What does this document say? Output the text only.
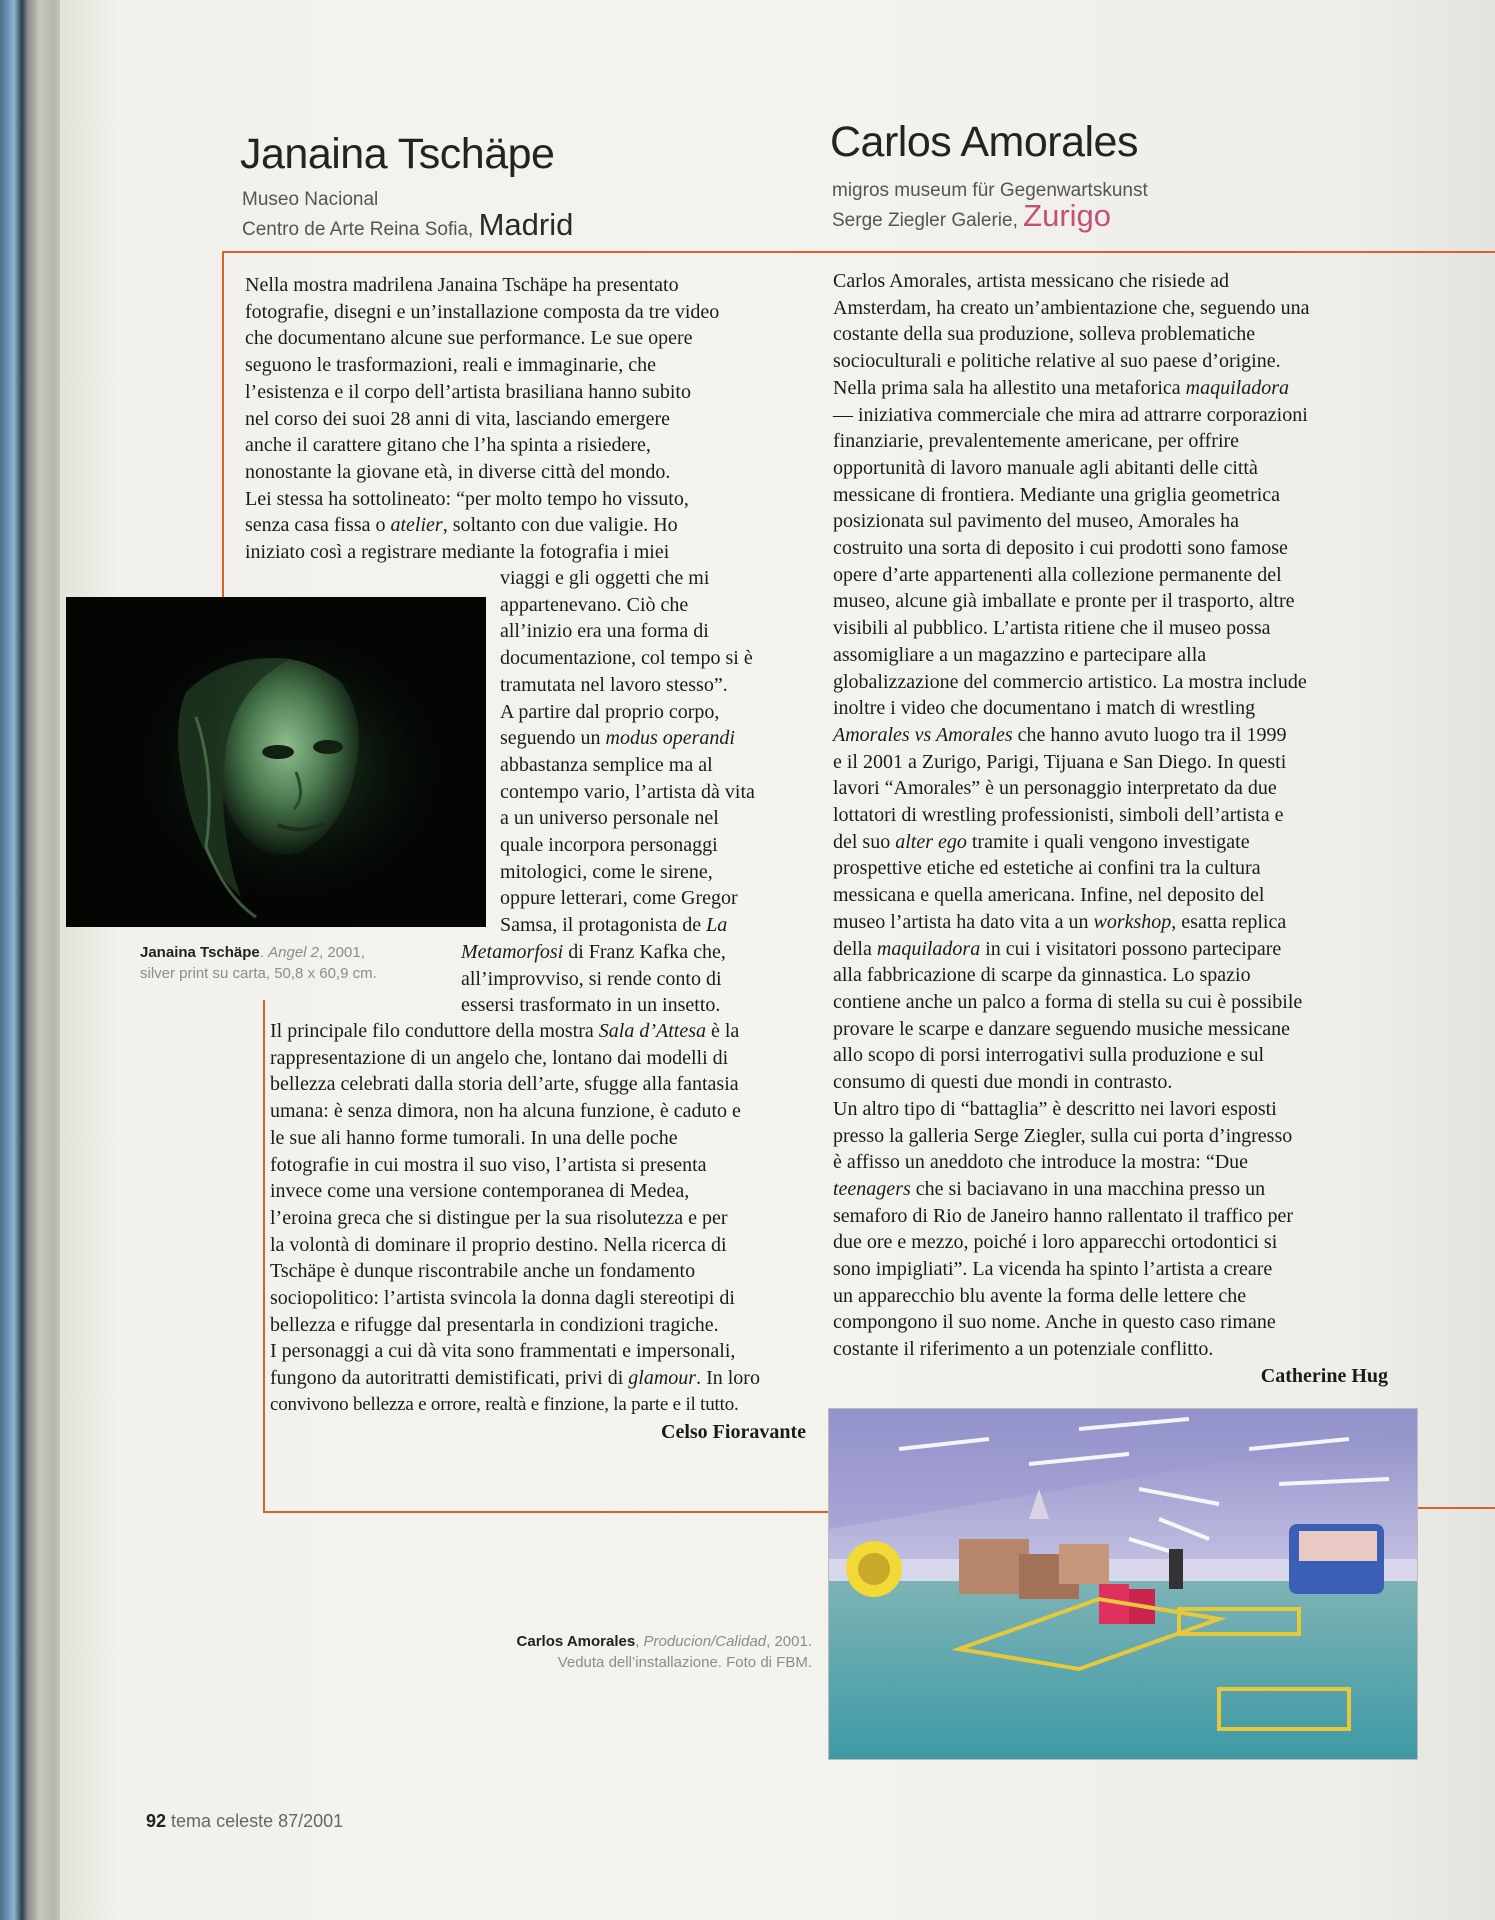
Janaina Tschäpe
Museo Nacional
Centro de Arte Reina Sofia, Madrid
Carlos Amorales
migros museum für Gegenwartskunst
Serge Ziegler Galerie, Zurigo

Nella mostra madrilena Janaina Tschäpe ha presentato

fotografie, disegni e un’installazione composta da tre video

che documentano alcune sue performance. Le sue opere

seguono le trasformazioni, reali e immaginarie, che

l’esistenza e il corpo dell’artista brasiliana hanno subito

nel corso dei suoi 28 anni di vita, lasciando emergere

anche il carattere gitano che l’ha spinta a risiedere,

nonostante la giovane età, in diverse città del mondo.

Lei stessa ha sottolineato: “per molto tempo ho vissuto,

senza casa fissa o atelier, soltanto con due valigie. Ho

iniziato così a registrare mediante la fotografia i miei

viaggi e gli oggetti che mi

appartenevano. Ciò che

all’inizio era una forma di

documentazione, col tempo si è

tramutata nel lavoro stesso”.

A partire dal proprio corpo,

seguendo un modus operandi

abbastanza semplice ma al

contempo vario, l’artista dà vita

a un universo personale nel

quale incorpora personaggi

mitologici, come le sirene,

oppure letterari, come Gregor

Samsa, il protagonista de La

Metamorfosi di Franz Kafka che,

all’improvviso, si rende conto di

essersi trasformato in un insetto.

Janaina Tschäpe. Angel 2, 2001,
silver print su carta, 50,8 x 60,9 cm.

Il principale filo conduttore della mostra Sala d’Attesa è la

rappresentazione di un angelo che, lontano dai modelli di

bellezza celebrati dalla storia dell’arte, sfugge alla fantasia

umana: è senza dimora, non ha alcuna funzione, è caduto e

le sue ali hanno forme tumorali. In una delle poche

fotografie in cui mostra il suo viso, l’artista si presenta

invece come una versione contemporanea di Medea,

l’eroina greca che si distingue per la sua risolutezza e per

la volontà di dominare il proprio destino. Nella ricerca di

Tschäpe è dunque riscontrabile anche un fondamento

sociopolitico: l’artista svincola la donna dagli stereotipi di

bellezza e rifugge dal presentarla in condizioni tragiche.

I personaggi a cui dà vita sono frammentati e impersonali,

fungono da autoritratti demistificati, privi di glamour. In loro

convivono bellezza e orrore, realtà e finzione, la parte e il tutto.

Celso Fioravante

Carlos Amorales, artista messicano che risiede ad

Amsterdam, ha creato un’ambientazione che, seguendo una

costante della sua produzione, solleva problematiche

socioculturali e politiche relative al suo paese d’origine.

Nella prima sala ha allestito una metaforica maquiladora

— iniziativa commerciale che mira ad attrarre corporazioni

finanziarie, prevalentemente americane, per offrire

opportunità di lavoro manuale agli abitanti delle città

messicane di frontiera. Mediante una griglia geometrica

posizionata sul pavimento del museo, Amorales ha

costruito una sorta di deposito i cui prodotti sono famose

opere d’arte appartenenti alla collezione permanente del

museo, alcune già imballate e pronte per il trasporto, altre

visibili al pubblico. L’artista ritiene che il museo possa

assomigliare a un magazzino e partecipare alla

globalizzazione del commercio artistico. La mostra include

inoltre i video che documentano i match di wrestling

Amorales vs Amorales che hanno avuto luogo tra il 1999

e il 2001 a Zurigo, Parigi, Tijuana e San Diego. In questi

lavori “Amorales” è un personaggio interpretato da due

lottatori di wrestling professionisti, simboli dell’artista e

del suo alter ego tramite i quali vengono investigate

prospettive etiche ed estetiche ai confini tra la cultura

messicana e quella americana. Infine, nel deposito del

museo l’artista ha dato vita a un workshop, esatta replica

della maquiladora in cui i visitatori possono partecipare

alla fabbricazione di scarpe da ginnastica. Lo spazio

contiene anche un palco a forma di stella su cui è possibile

provare le scarpe e danzare seguendo musiche messicane

allo scopo di porsi interrogativi sulla produzione e sul

consumo di questi due mondi in contrasto.

Un altro tipo di “battaglia” è descritto nei lavori esposti

presso la galleria Serge Ziegler, sulla cui porta d’ingresso

è affisso un aneddoto che introduce la mostra: “Due

teenagers che si baciavano in una macchina presso un

semaforo di Rio de Janeiro hanno rallentato il traffico per

due ore e mezzo, poiché i loro apparecchi ortodontici si

sono impigliati”. La vicenda ha spinto l’artista a creare

un apparecchio blu avente la forma delle lettere che

compongono il suo nome. Anche in questo caso rimane

costante il riferimento a un potenziale conflitto.

Catherine Hug

Carlos Amorales, Producion/Calidad, 2001.
Veduta dell’installazione. Foto di FBM.
92 tema celeste 87/2001
